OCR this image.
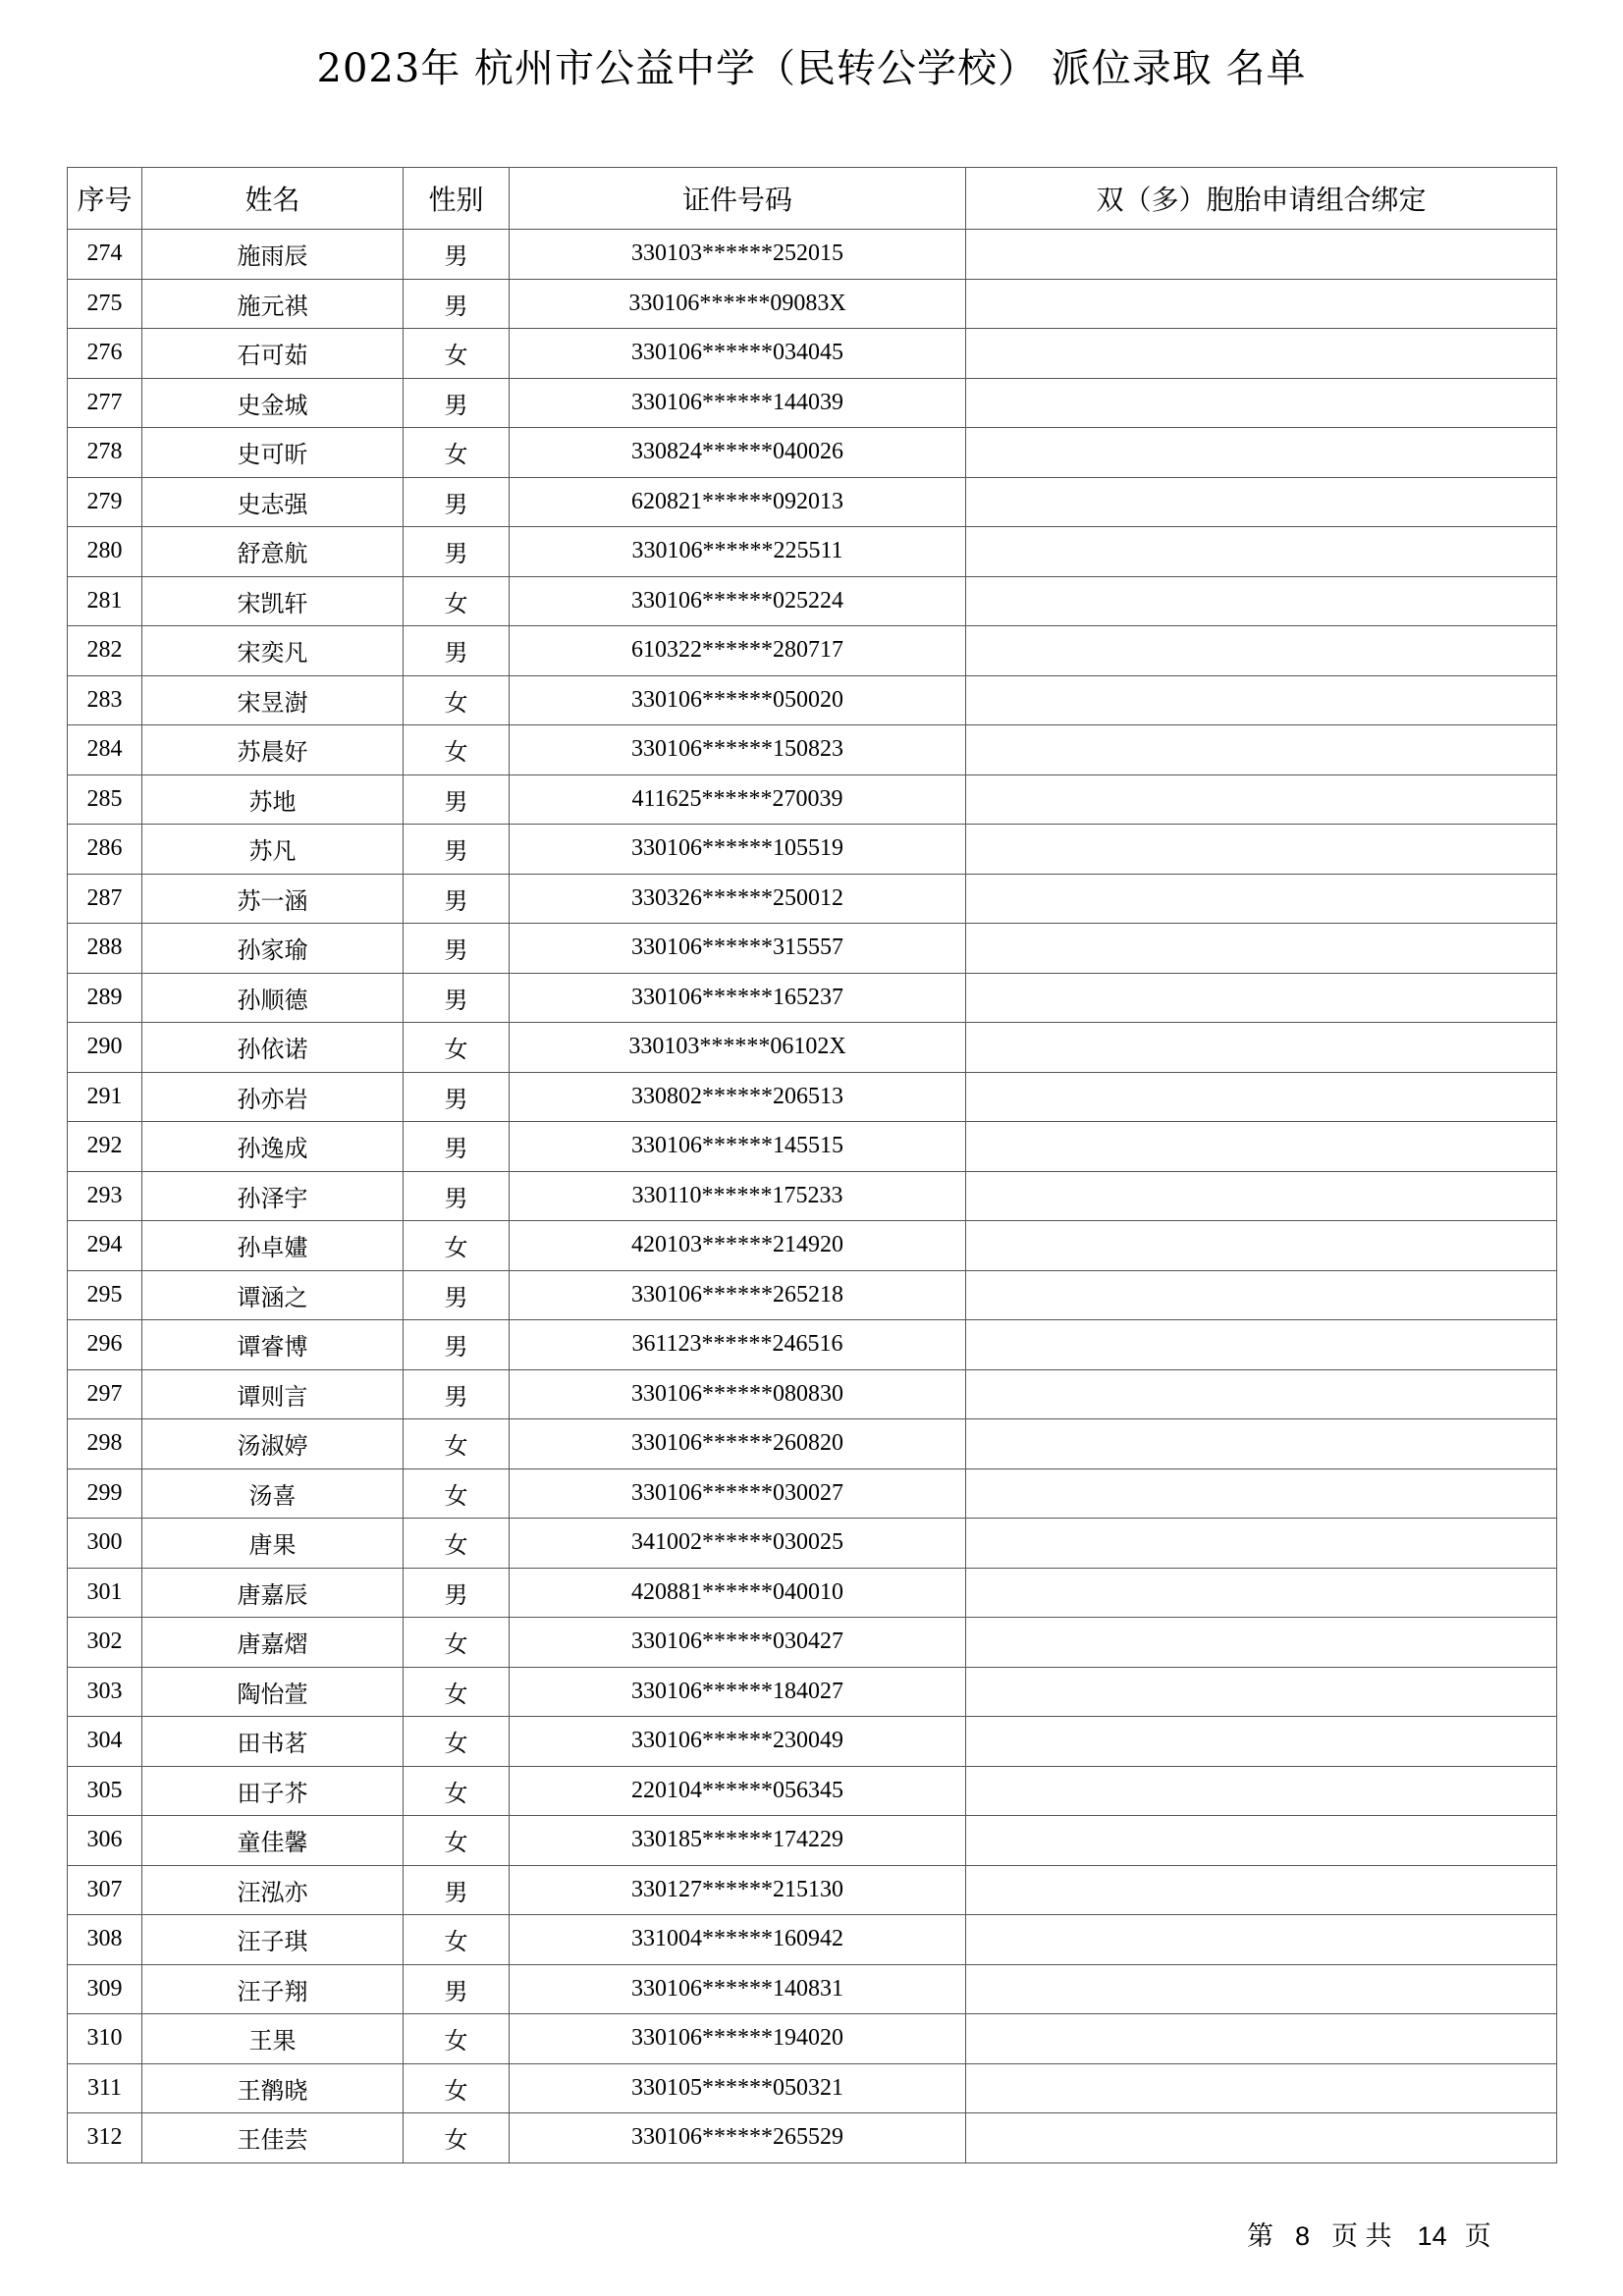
2023年 杭州市公益中学（民转公学校） 派位录取 名单
序号	姓名	性别	证件号码	双（多）胞胎申请组合绑定
274	施雨辰	男	330103******252015	
275	施元祺	男	330106******09083X	
276	石可茹	女	330106******034045	
277	史金城	男	330106******144039	
278	史可昕	女	330824******040026	
279	史志强	男	620821******092013	
280	舒意航	男	330106******225511	
281	宋凯轩	女	330106******025224	
282	宋奕凡	男	610322******280717	
283	宋昱澍	女	330106******050020	
284	苏晨好	女	330106******150823	
285	苏地	男	411625******270039	
286	苏凡	男	330106******105519	
287	苏一涵	男	330326******250012	
288	孙家瑜	男	330106******315557	
289	孙顺德	男	330106******165237	
290	孙依诺	女	330103******06102X	
291	孙亦岩	男	330802******206513	
292	孙逸成	男	330106******145515	
293	孙泽宇	男	330110******175233	
294	孙卓嫿	女	420103******214920	
295	谭涵之	男	330106******265218	
296	谭睿博	男	361123******246516	
297	谭则言	男	330106******080830	
298	汤淑婷	女	330106******260820	
299	汤喜	女	330106******030027	
300	唐果	女	341002******030025	
301	唐嘉辰	男	420881******040010	
302	唐嘉熠	女	330106******030427	
303	陶怡萱	女	330106******184027	
304	田书茗	女	330106******230049	
305	田子芥	女	220104******056345	
306	童佳馨	女	330185******174229	
307	汪泓亦	男	330127******215130	
308	汪子琪	女	331004******160942	
309	汪子翔	男	330106******140831	
310	王果	女	330106******194020	
311	王鹡晓	女	330105******050321	
312	王佳芸	女	330106******265529	
第 8 页 共 14 页
